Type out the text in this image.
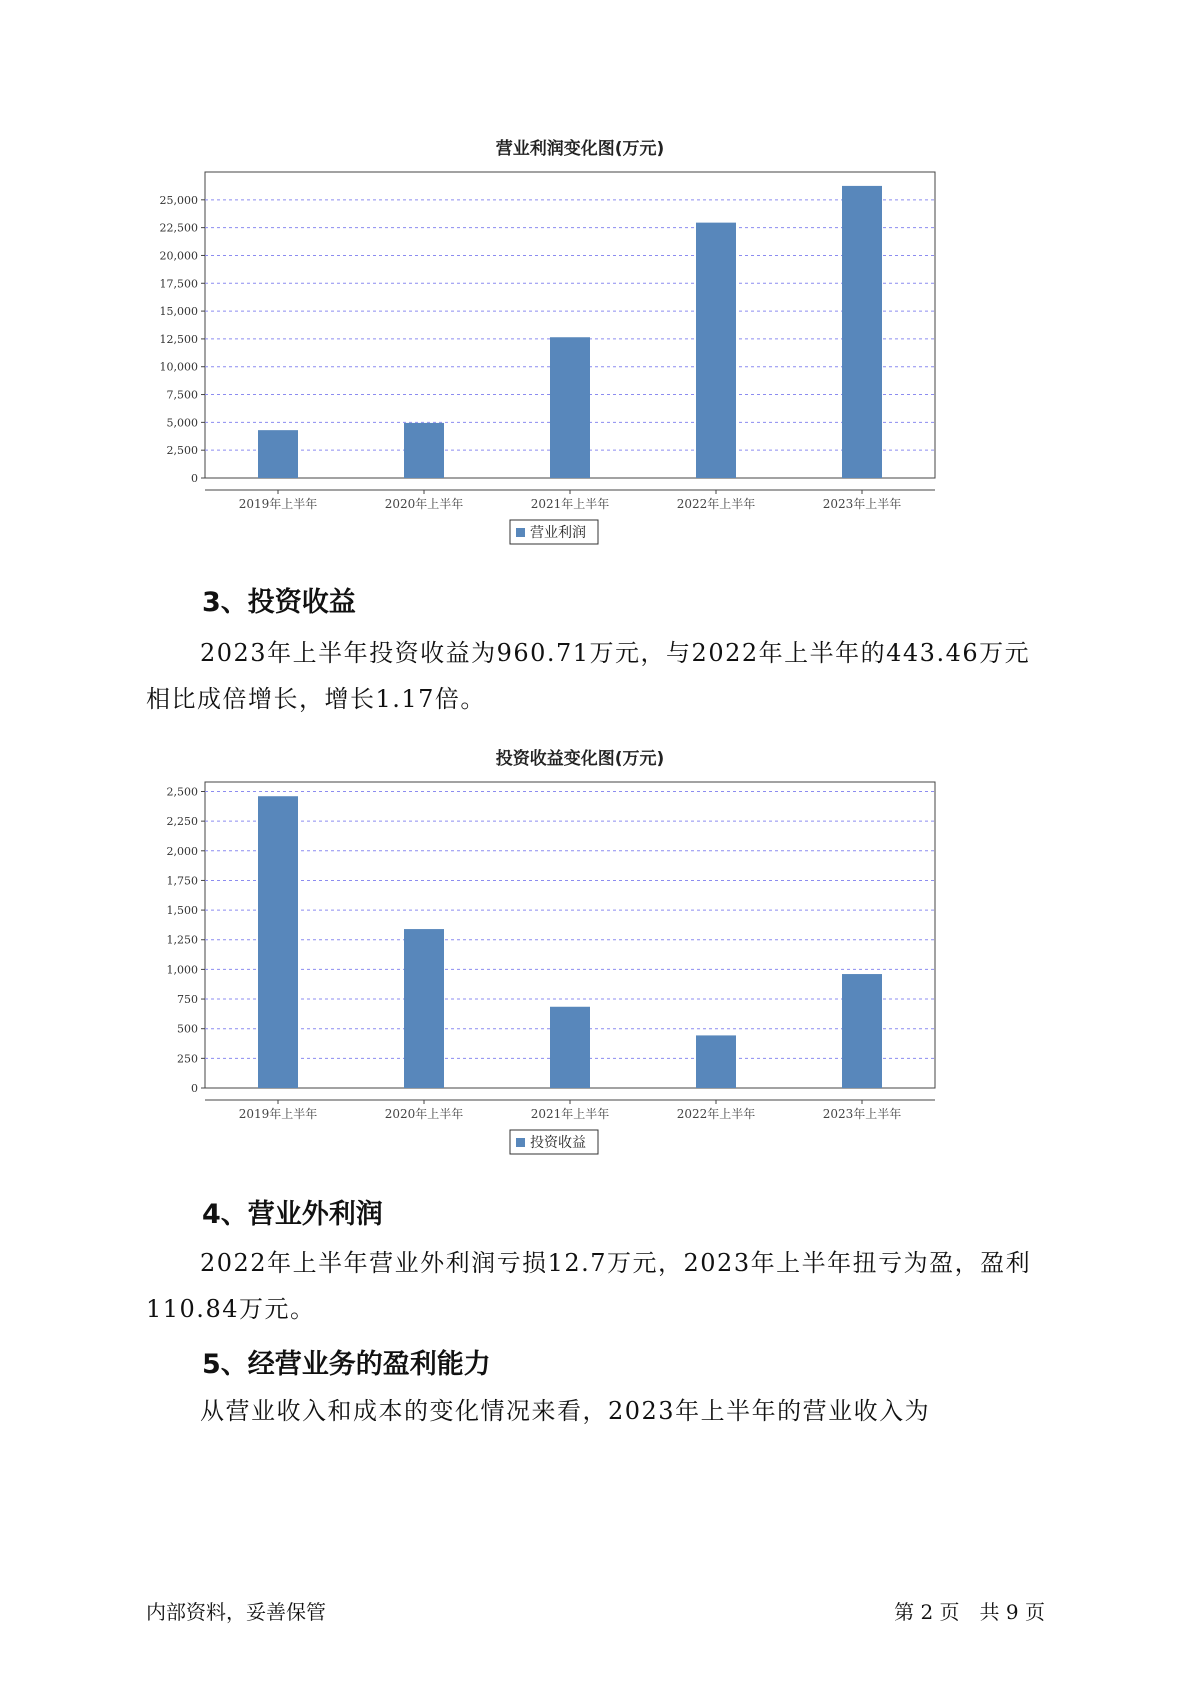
营业利润变化图(万元)
0
2,500
5,000
7,500
10,000
12,500
15,000
17,500
20,000
22,500
25,000
2019年上半年	2020年上半年	2021年上半年	2022年上半年	2023年上半年
营业利润
3、投资收益

2023年上半年投资收益为960.71万元，与2022年上半年的443.46万元相比成倍增长，增长1.17倍。

投资收益变化图(万元)
0
250
500
750
1,000
1,250
1,500
1,750
2,000
2,250
2,500
2019年上半年	2020年上半年	2021年上半年	2022年上半年	2023年上半年
投资收益
4、营业外利润

2022年上半年营业外利润亏损12.7万元，2023年上半年扭亏为盈，盈利110.84万元。

5、经营业务的盈利能力

从营业收入和成本的变化情况来看，2023年上半年的营业收入为

内部资料，妥善保管	第 2 页　共 9 页
